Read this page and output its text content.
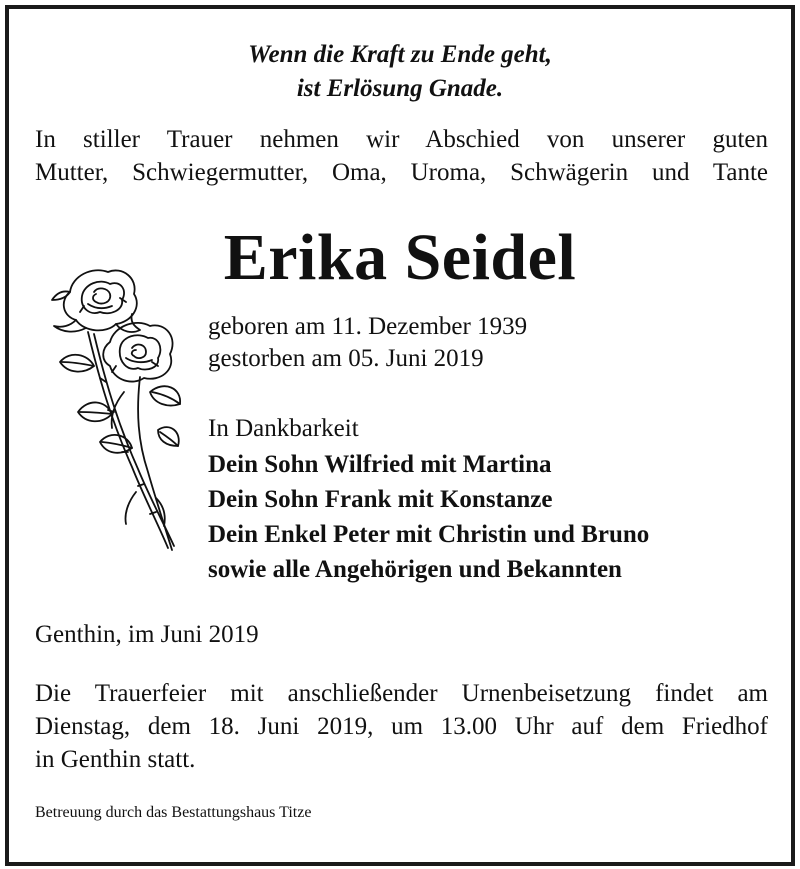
Wenn die Kraft zu Ende geht,
ist Erlösung Gnade.
In stiller Trauer nehmen wir Abschied von unserer guten
Mutter, Schwiegermutter, Oma, Uroma, Schwägerin und Tante
Erika Seidel
geboren am 11. Dezember 1939
gestorben am 05. Juni 2019
In Dankbarkeit
Dein Sohn Wilfried mit Martina
Dein Sohn Frank mit Konstanze
Dein Enkel Peter mit Christin und Bruno
sowie alle Angehörigen und Bekannten
Genthin, im Juni 2019
Die Trauerfeier mit anschließender Urnenbeisetzung findet am
Dienstag, dem 18. Juni 2019, um 13.00 Uhr auf dem Friedhof
in Genthin statt.
Betreuung durch das Bestattungshaus Titze
